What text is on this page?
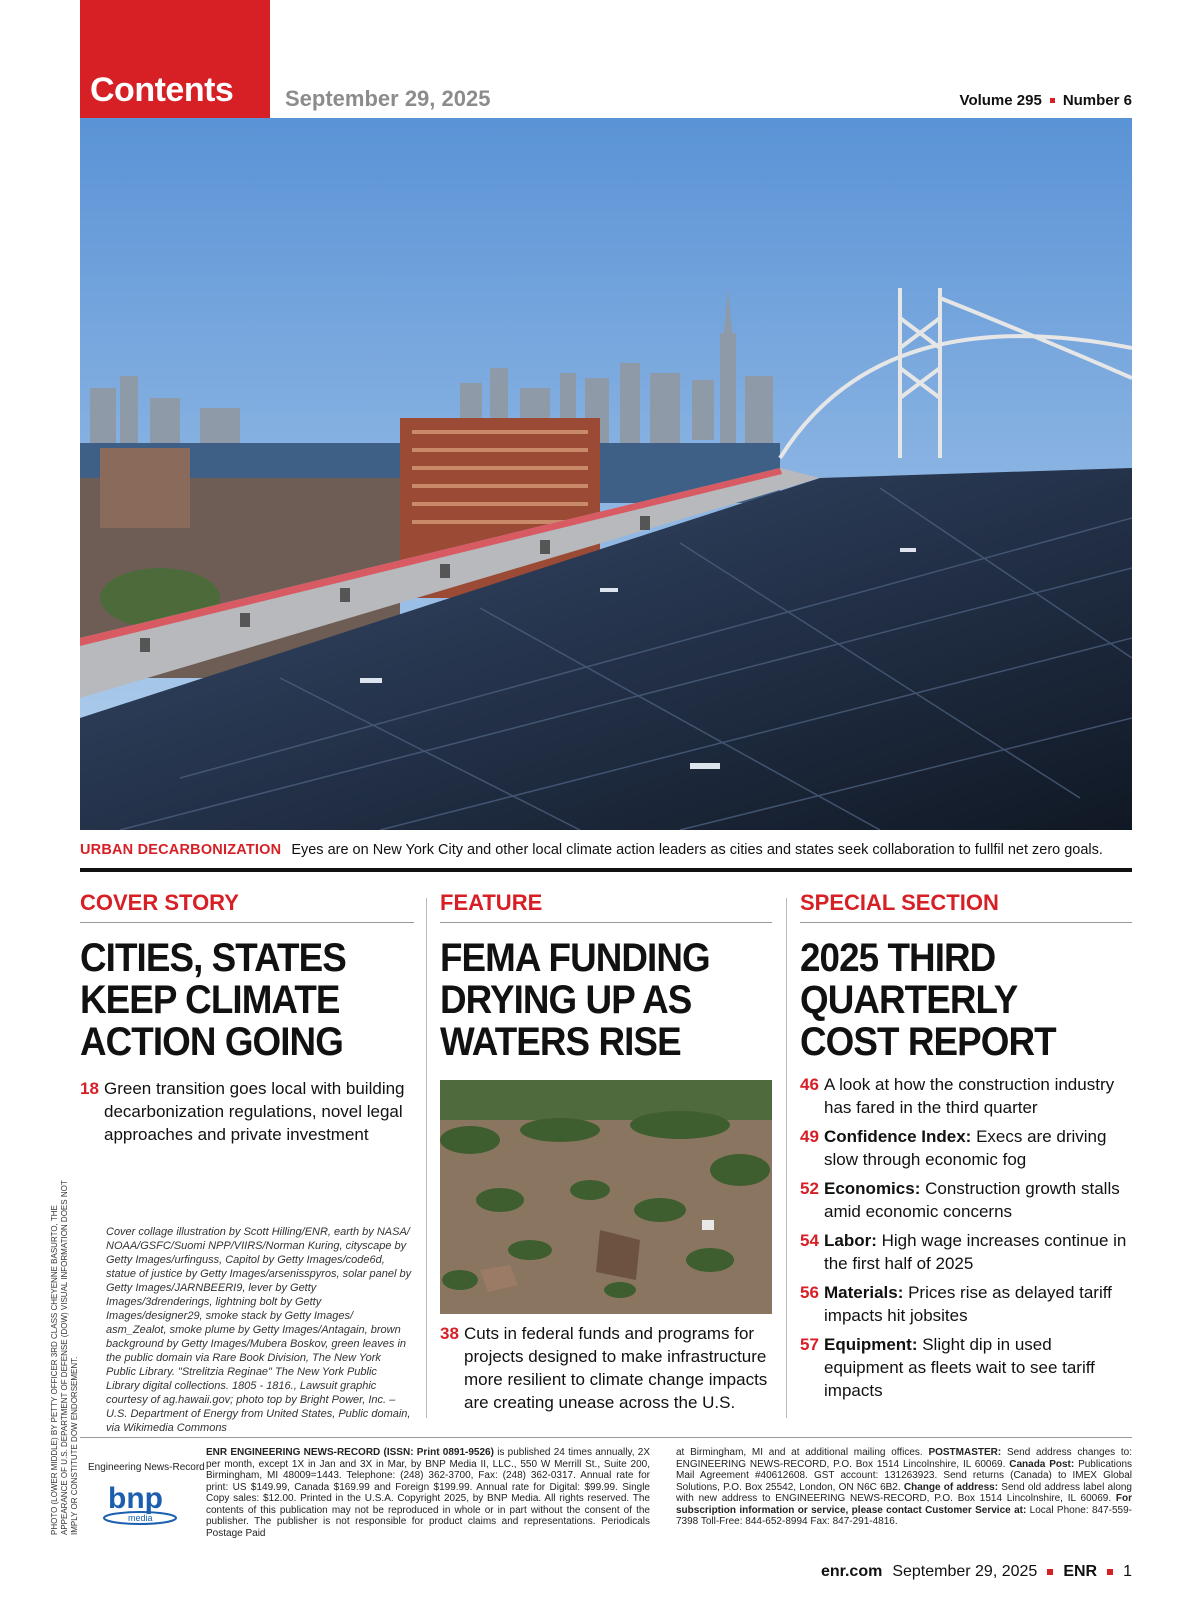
Contents September 29, 2025	Volume 295 Number 6
URBAN DECARBONIZATION Eyes are on New York City and other local climate action leaders as cities and states seek collaboration to fullfil net zero goals.
COVER STORY
CITIES, STATES
KEEP CLIMATE
ACTION GOING
18 Green transition goes local with building decarbonization regulations, novel legal approaches and private investment
Cover collage illustration by Scott Hilling/ENR, earth by NASA/ NOAA/GSFC/Suomi NPP/VIIRS/Norman Kuring, cityscape by Getty Images/urfinguss, Capitol by Getty Images/code6d, statue of justice by Getty Images/arsenisspyros, solar panel by Getty Images/JARNBEERI9, lever by Getty Images/3drenderings, lightning bolt by Getty Images/designer29, smoke stack by Getty Images/ asm_Zealot, smoke plume by Getty Images/Antagain, brown background by Getty Images/Mubera Boskov, green leaves in the public domain via Rare Book Division, The New York Public Library. "Strelitzia Reginae" The New York Public Library digital collections. 1805 - 1816., Lawsuit graphic courtesy of ag.hawaii.gov; photo top by Bright Power, Inc. – U.S. Department of Energy from United States, Public domain, via Wikimedia Commons
FEATURE
FEMA FUNDING
DRYING UP AS
WATERS RISE
38 Cuts in federal funds and programs for projects designed to make infrastructure more resilient to climate change impacts are creating unease across the U.S.
SPECIAL SECTION
2025 THIRD
QUARTERLY
COST REPORT
46 A look at how the construction industry has fared in the third quarter
49 Confidence Index: Execs are driving slow through economic fog
52 Economics: Construction growth stalls amid economic concerns
54 Labor: High wage increases continue in the first half of 2025
56 Materials: Prices rise as delayed tariff impacts hit jobsites
57 Equipment: Slight dip in used equipment as fleets wait to see tariff impacts
PHOTO (LOWER MIDDLE) BY PETTY OFFICER 3RD CLASS CHEYENNE BASURTO, THE APPEARANCE OF U.S. DEPARTMENT OF DEFENSE (DOW) VISUAL INFORMATION DOES NOT IMPLY OR CONSTITUTE DOW ENDORSEMENT. Engineering News-Record
bnp
media
ENR ENGINEERING NEWS-RECORD (ISSN: Print 0891-9526) is published 24 times annually, 2X per month, except 1X in Jan and 3X in Mar, by BNP Media II, LLC., 550 W Merrill St., Suite 200, Birmingham, MI 48009=1443. Telephone: (248) 362-3700, Fax: (248) 362-0317. Annual rate for print: US $149.99, Canada $169.99 and Foreign $199.99. Annual rate for Digital: $99.99. Single Copy sales: $12.00. Printed in the U.S.A. Copyright 2025, by BNP Media. All rights reserved. The contents of this publication may not be reproduced in whole or in part without the consent of the publisher. The publisher is not responsible for product claims and representations. Periodicals Postage Paid
at Birmingham, MI and at additional mailing offices. POSTMASTER: Send address changes to: ENGINEERING NEWS-RECORD, P.O. Box 1514 Lincolnshire, IL 60069. Canada Post: Publications Mail Agreement #40612608. GST account: 131263923. Send returns (Canada) to IMEX Global Solutions, P.O. Box 25542, London, ON N6C 6B2. Change of address: Send old address label along with new address to ENGINEERING NEWS-RECORD, P.O. Box 1514 Lincolnshire, IL 60069. For subscription information or service, please contact Customer Service at: Local Phone: 847-559-7398 Toll-Free: 844-652-8994 Fax: 847-291-4816.
enr.com September 29, 2025 ENR 1
